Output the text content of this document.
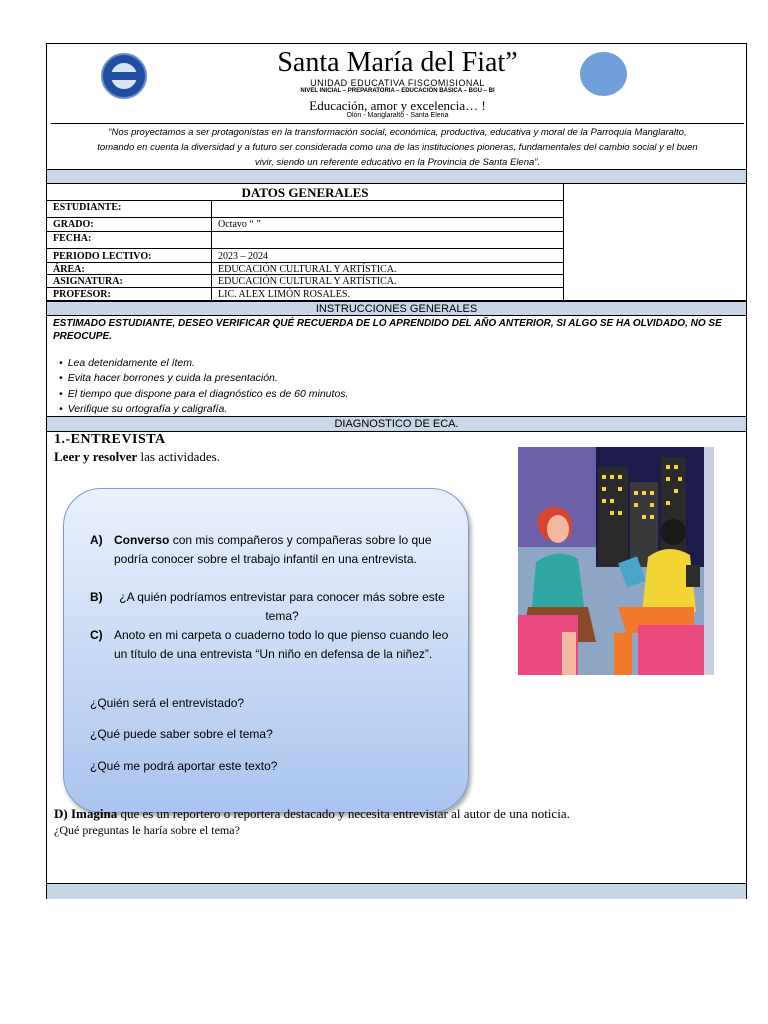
Santa María del Fiat”
UNIDAD EDUCATIVA FISCOMISIONAL
NIVEL INICIAL – PREPARATORIA – EDUCACIÓN BÁSICA – BGU – BI
Educación, amor y excelencia… !
Olón - Manglaralto - Santa Elena
“Nos proyectamos a ser protagonistas en la transformación social, económica, productiva, educativa y moral de la Parroquia Manglaralto,
tomando en cuenta la diversidad y a futuro ser considerada como una de las instituciones pioneras, fundamentales del cambio social y el buen
vivir, siendo un referente educativo en la Provincia de Santa Elena”.
DATOS GENERALES
ESTUDIANTE:
GRADO:	Octavo “ ”
FECHA:
PERIODO LECTIVO:	2023 – 2024
ÁREA:	EDUCACIÓN CULTURAL Y ARTÍSTICA.
ASIGNATURA:	EDUCACIÓN CULTURAL Y ARTÍSTICA.
PROFESOR:	LIC. ALEX LIMÓN ROSALES.
INSTRUCCIONES GENERALES
ESTIMADO ESTUDIANTE, DESEO VERIFICAR QUÉ RECUERDA DE LO APRENDIDO DEL AÑO ANTERIOR, SI ALGO SE HA OLVIDADO, NO SE PREOCUPE.
• Lea detenidamente el ítem.
• Evita hacer borrones y cuida la presentación.
• El tiempo que dispone para el diagnóstico es de 60 minutos.
• Verifique su ortografía y caligrafía.
DIAGNOSTICO DE ECA.
1.-ENTREVISTA
Leer y resolver las actividades.
A) Converso con mis compañeros y compañeras sobre lo que podría conocer sobre el trabajo infantil en una entrevista.
B)	¿A quién podríamos entrevistar para conocer más sobre este tema?
C) Anoto en mi carpeta o cuaderno todo lo que pienso cuando leo un título de una entrevista “Un niño en defensa de la niñez”.
¿Quién será el entrevistado?
¿Qué puede saber sobre el tema?
¿Qué me podrá aportar este texto?
D) Imagina que es un reportero o reportera destacado y necesita entrevistar al autor de una noticia.
¿Qué preguntas le haría sobre el tema?
